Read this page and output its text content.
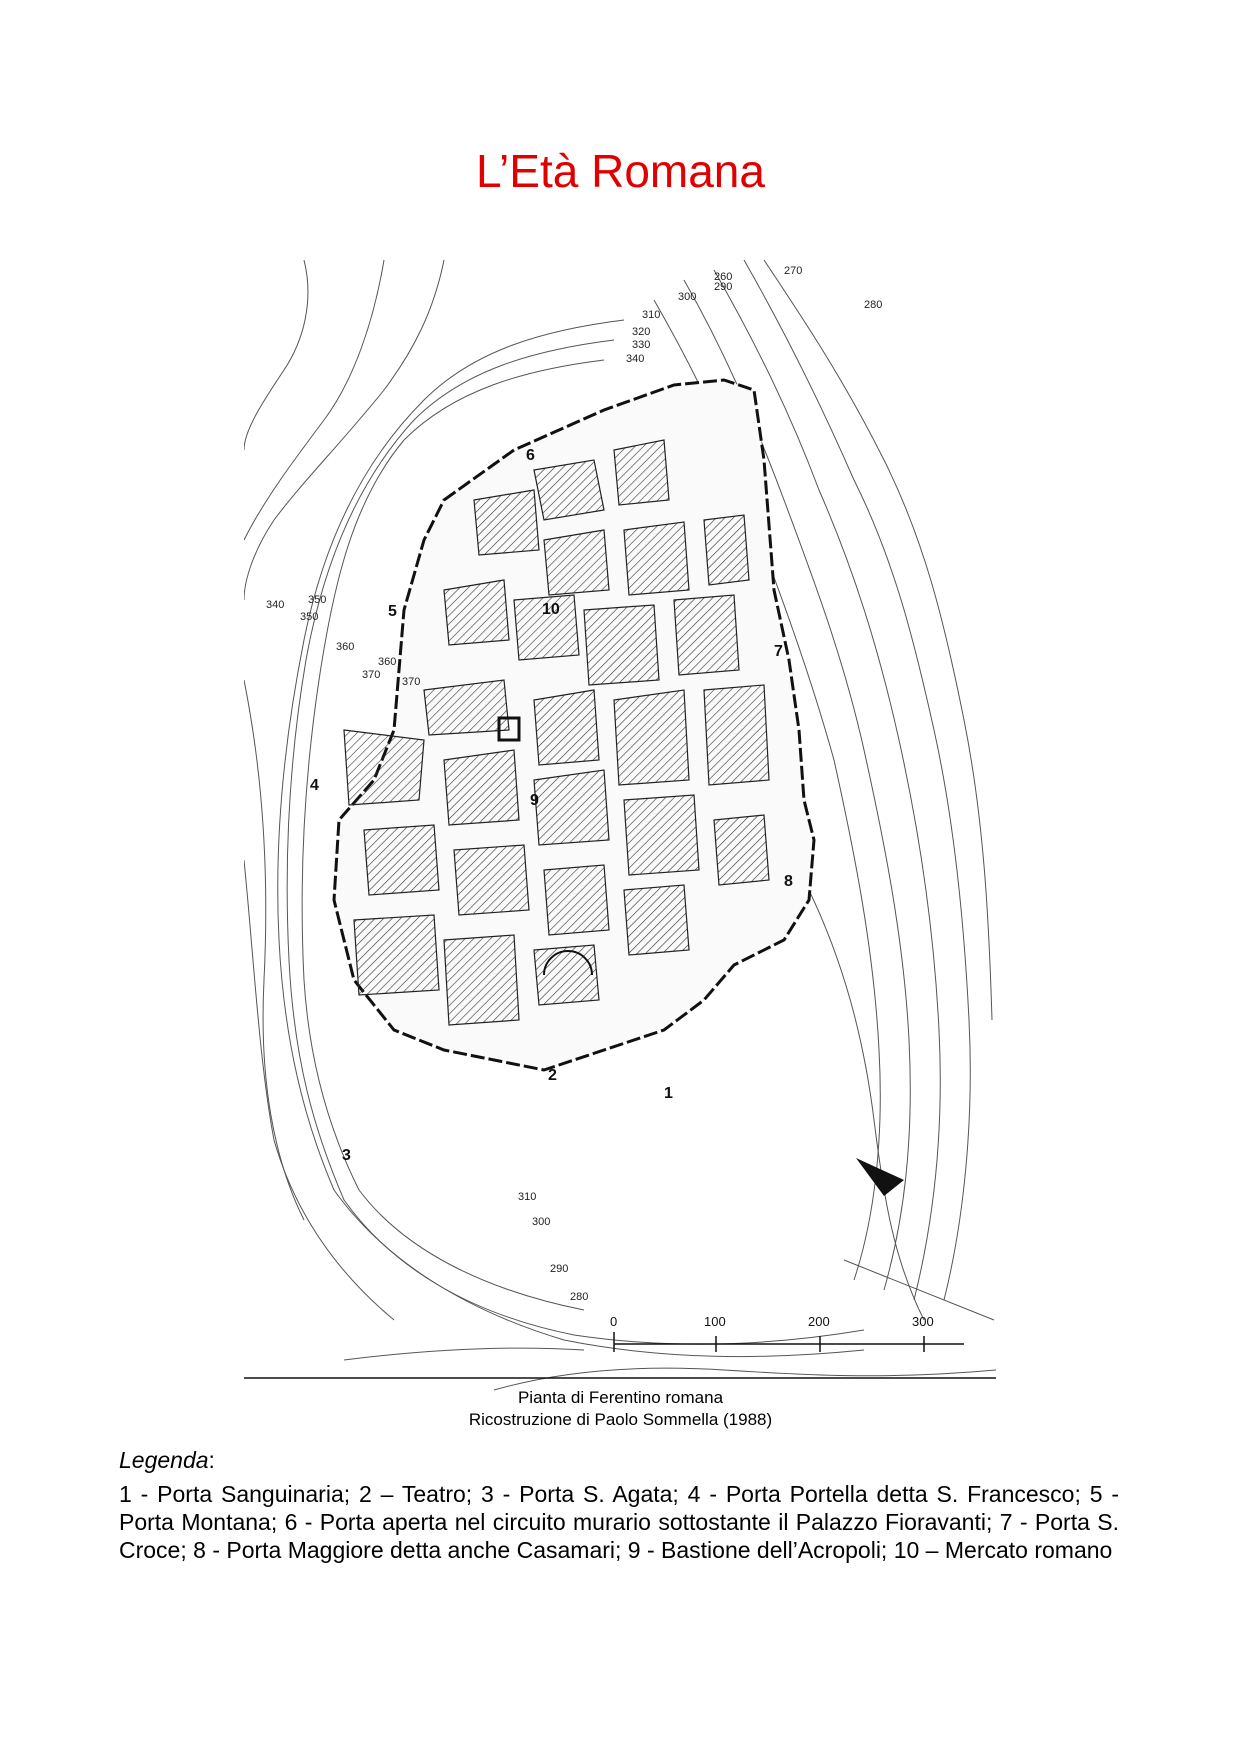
L’Età Romana
260	270
280
290
300
310
320
330
340
350
360
370
340
350
360
370
310
300
290
280
1
2
3
4
5
6
7
8
9
10
0	100	200	300
Pianta di Ferentino romana
Ricostruzione di Paolo Sommella (1988)
Legenda:
1 - Porta Sanguinaria; 2 – Teatro; 3 - Porta S. Agata; 4 - Porta Portella detta S. Francesco; 5 - Porta Montana; 6 - Porta aperta nel circuito murario sottostante il Palazzo Fioravanti; 7 - Porta S. Croce; 8 - Porta Maggiore detta anche Casamari; 9 - Bastione dell’Acropoli; 10 – Mercato romano
